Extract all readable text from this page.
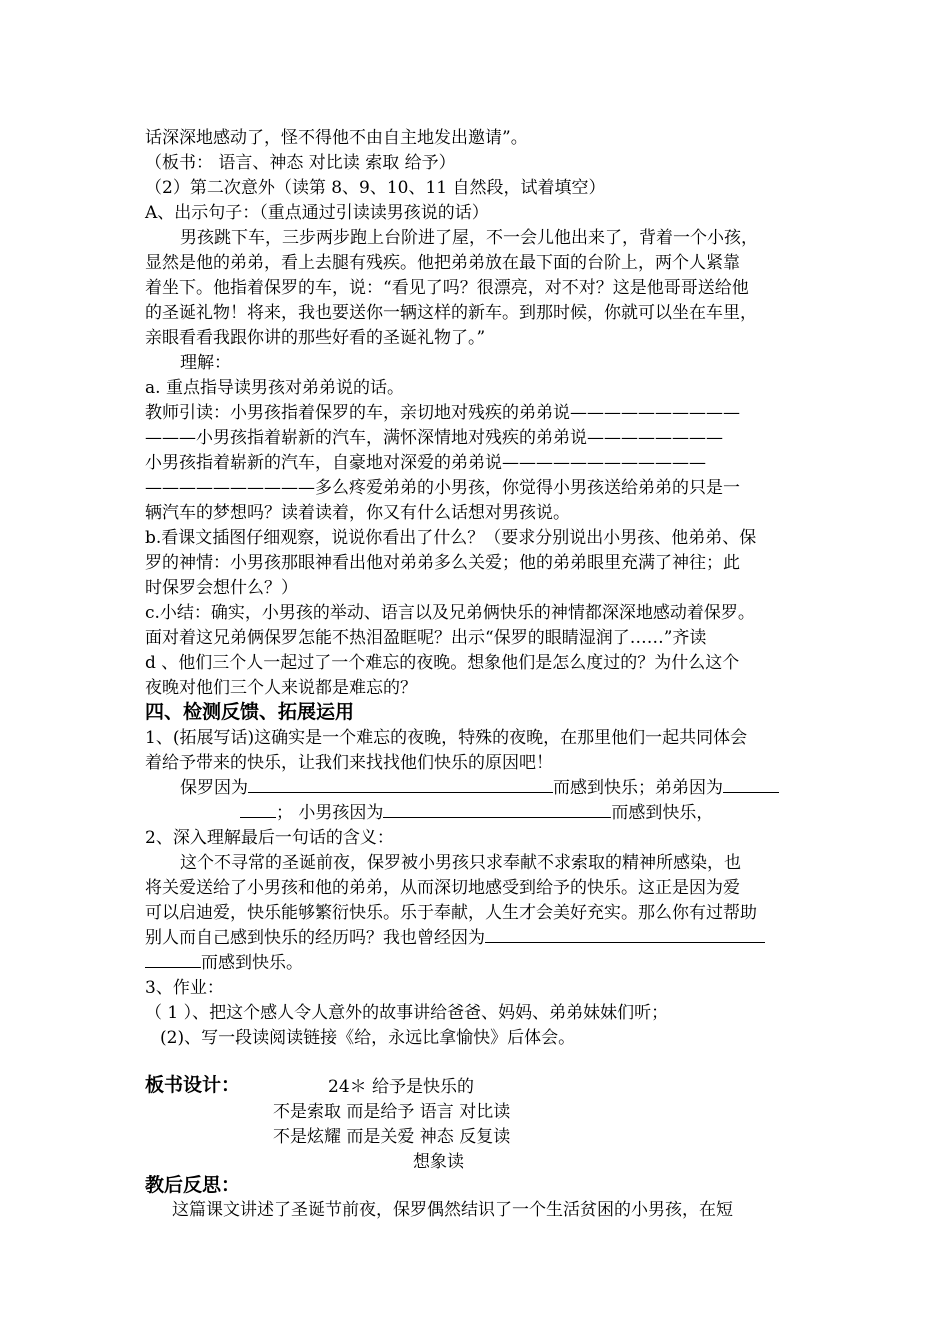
话深深地感动了，怪不得他不由自主地发出邀请”。
（板书： 语言、神态 对比读 索取 给予）
（2）第二次意外（读第 8、9、10、11 自然段，试着填空）
A、出示句子：（重点通过引读读男孩说的话）
男孩跳下车，三步两步跑上台阶进了屋，不一会儿他出来了，背着一个小孩，
显然是他的弟弟，看上去腿有残疾。他把弟弟放在最下面的台阶上，两个人紧靠
着坐下。他指着保罗的车，说：“看见了吗？很漂亮，对不对？这是他哥哥送给他
的圣诞礼物！将来，我也要送你一辆这样的新车。到那时候，你就可以坐在车里，
亲眼看看我跟你讲的那些好看的圣诞礼物了。”
理解：
a. 重点指导读男孩对弟弟说的话。
教师引读：小男孩指着保罗的车，亲切地对残疾的弟弟说——————————
———小男孩指着崭新的汽车，满怀深情地对残疾的弟弟说————————
小男孩指着崭新的汽车，自豪地对深爱的弟弟说————————————
——————————多么疼爱弟弟的小男孩，你觉得小男孩送给弟弟的只是一
辆汽车的梦想吗？读着读着，你又有什么话想对男孩说。
b.看课文插图仔细观察，说说你看出了什么？（要求分别说出小男孩、他弟弟、保
罗的神情：小男孩那眼神看出他对弟弟多么关爱；他的弟弟眼里充满了神往；此
时保罗会想什么？）
c.小结：确实，小男孩的举动、语言以及兄弟俩快乐的神情都深深地感动着保罗。
面对着这兄弟俩保罗怎能不热泪盈眶呢？出示“保罗的眼睛湿润了……”齐读
d 、他们三个人一起过了一个难忘的夜晚。想象他们是怎么度过的？为什么这个
夜晚对他们三个人来说都是难忘的？
四、检测反馈、拓展运用
1、(拓展写话)这确实是一个难忘的夜晚，特殊的夜晚，在那里他们一起共同体会
着给予带来的快乐，让我们来找找他们快乐的原因吧！
保罗因为	而感到快乐；弟弟因为
； 小男孩因为	而感到快乐，
2、深入理解最后一句话的含义：
这个不寻常的圣诞前夜，保罗被小男孩只求奉献不求索取的精神所感染，也
将关爱送给了小男孩和他的弟弟，从而深切地感受到给予的快乐。这正是因为爱
可以启迪爱，快乐能够繁衍快乐。乐于奉献，人生才会美好充实。那么你有过帮助
别人而自己感到快乐的经历吗？我也曾经因为
而感到快乐。
3、作业：
（ 1 ）、把这个感人令人意外的故事讲给爸爸、妈妈、弟弟妹妹们听；
(2)、写一段读阅读链接《给，永远比拿愉快》后体会。
板书设计：	24＊ 给予是快乐的
不是索取 而是给予 语言 对比读
不是炫耀 而是关爱 神态 反复读
想象读
教后反思：
这篇课文讲述了圣诞节前夜，保罗偶然结识了一个生活贫困的小男孩，在短
